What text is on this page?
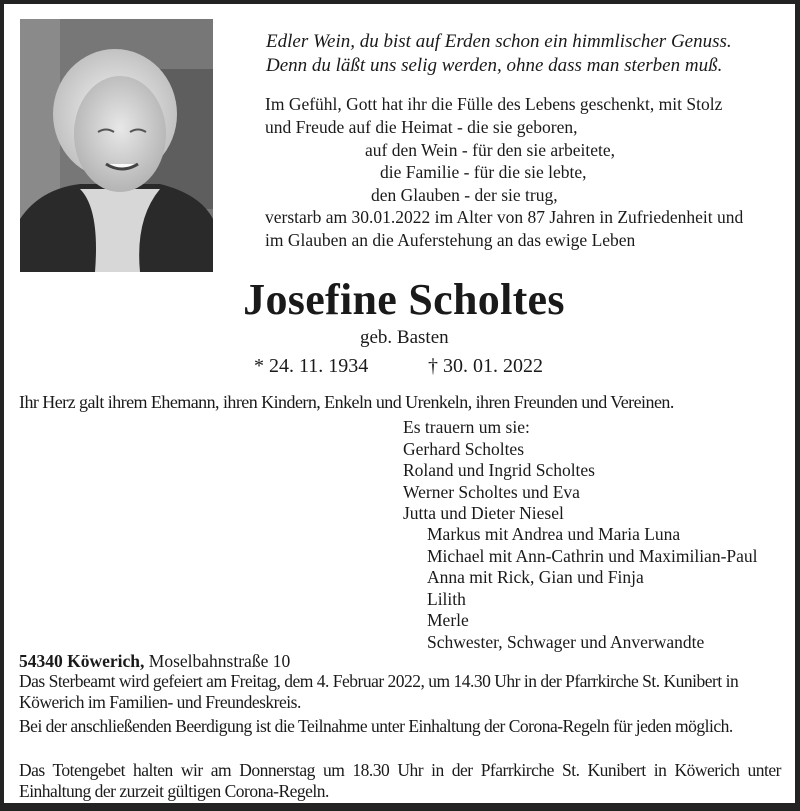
Edler Wein, du bist auf Erden schon ein himmlischer Genuss.
Denn du läßt uns selig werden, ohne dass man sterben muß.
Im Gefühl, Gott hat ihr die Fülle des Lebens geschenkt, mit Stolz
und Freude auf die Heimat - die sie geboren,
auf den Wein - für den sie arbeitete,
die Familie - für die sie lebte,
den Glauben - der sie trug,
verstarb am 30.01.2022 im Alter von 87 Jahren in Zufriedenheit und
im Glauben an die Auferstehung an das ewige Leben
Josefine Scholtes
geb. Basten
* 24. 11. 1934	† 30. 01. 2022
Ihr Herz galt ihrem Ehemann, ihren Kindern, Enkeln und Urenkeln, ihren Freunden und Vereinen.
Es trauern um sie:
Gerhard Scholtes
Roland und Ingrid Scholtes
Werner Scholtes und Eva
Jutta und Dieter Niesel
Markus mit Andrea und Maria Luna
Michael mit Ann-Cathrin und Maximilian-Paul
Anna mit Rick, Gian und Finja
Lilith
Merle
Schwester, Schwager und Anverwandte
54340 Köwerich, Moselbahnstraße 10
Das Sterbeamt wird gefeiert am Freitag, dem 4. Februar 2022, um 14.30 Uhr in der Pfarrkirche St. Kunibert in Köwerich im Familien- und Freundeskreis.
Bei der anschließenden Beerdigung ist die Teilnahme unter Einhaltung der Corona-Regeln für jeden möglich.
Das Totengebet halten wir am Donnerstag um 18.30 Uhr in der Pfarrkirche St. Kunibert in Köwerich unter Einhaltung der zurzeit gültigen Corona-Regeln.
